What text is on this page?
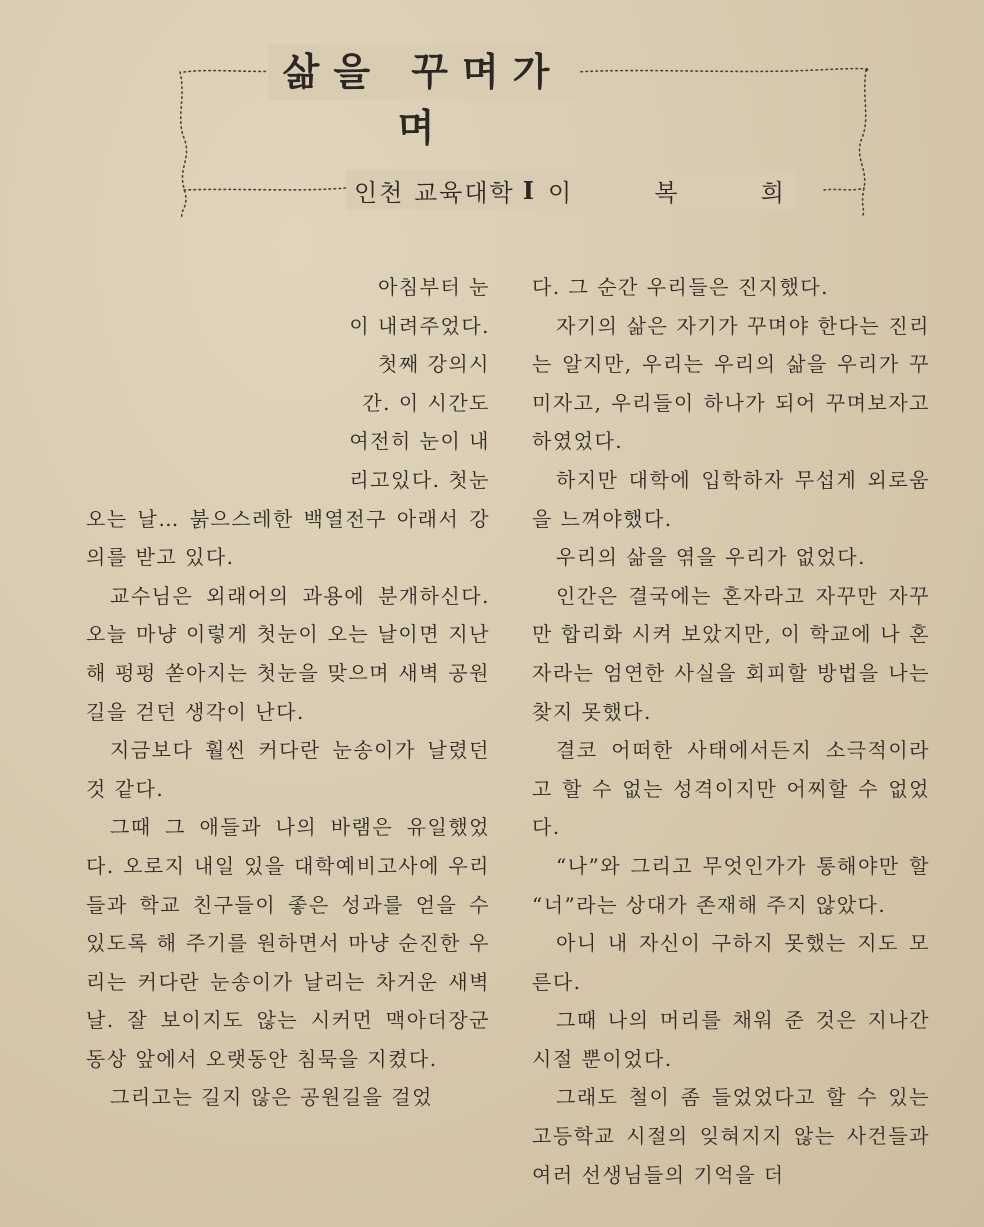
삶을 꾸며가며
인천 교육대학 I 이	복	희
아침부터 눈
이 내려주었다.
첫째 강의시
간. 이 시간도
여전히 눈이 내
리고있다. 첫눈

오는 날… 붉으스레한 백열전구 아래서 강의를 받고 있다.

교수님은 외래어의 과용에 분개하신다. 오늘 마냥 이렇게 첫눈이 오는 날이면 지난해 펑펑 쏟아지는 첫눈을 맞으며 새벽 공원 길을 걷던 생각이 난다.

지금보다 훨씬 커다란 눈송이가 날렸던 것 같다.

그때 그 애들과 나의 바램은 유일했었다. 오로지 내일 있을 대학예비고사에 우리들과 학교 친구들이 좋은 성과를 얻을 수 있도록 해 주기를 원하면서 마냥 순진한 우리는 커다란 눈송이가 날리는 차거운 새벽날. 잘 보이지도 않는 시커먼 맥아더장군 동상 앞에서 오랫동안 침묵을 지켰다.

그리고는 길지 않은 공원길을 걸었

다. 그 순간 우리들은 진지했다.

자기의 삶은 자기가 꾸며야 한다는 진리는 알지만, 우리는 우리의 삶을 우리가 꾸미자고, 우리들이 하나가 되어 꾸며보자고 하였었다.

하지만 대학에 입학하자 무섭게 외로움을 느껴야했다.

우리의 삶을 엮을 우리가 없었다.

인간은 결국에는 혼자라고 자꾸만 자꾸만 합리화 시켜 보았지만, 이 학교에 나 혼자라는 엄연한 사실을 회피할 방법을 나는 찾지 못했다.

결코 어떠한 사태에서든지 소극적이라고 할 수 없는 성격이지만 어찌할 수 없었다.

“나”와 그리고 무엇인가가 통해야만 할 “너”라는 상대가 존재해 주지 않았다.

아니 내 자신이 구하지 못했는 지도 모른다.

그때 나의 머리를 채워 준 것은 지나간 시절 뿐이었다.

그래도 철이 좀 들었었다고 할 수 있는 고등학교 시절의 잊혀지지 않는 사건들과 여러 선생님들의 기억을 더
